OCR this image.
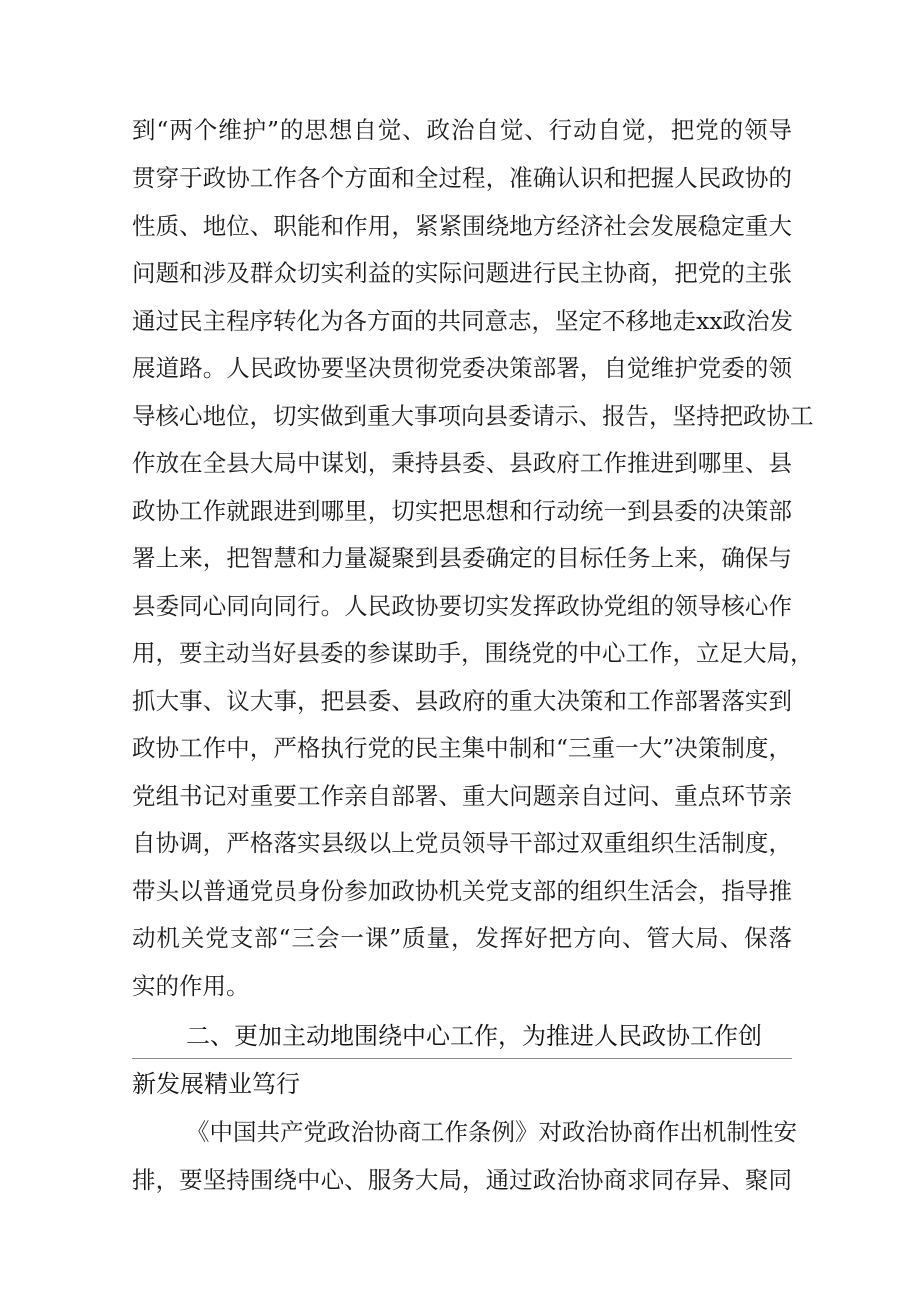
到“两个维护”的思想自觉、政治自觉、行动自觉，把党的领导
贯穿于政协工作各个方面和全过程，准确认识和把握人民政协的
性质、地位、职能和作用，紧紧围绕地方经济社会发展稳定重大
问题和涉及群众切实利益的实际问题进行民主协商，把党的主张
通过民主程序转化为各方面的共同意志，坚定不移地走xx政治发
展道路。人民政协要坚决贯彻党委决策部署，自觉维护党委的领
导核心地位，切实做到重大事项向县委请示、报告，坚持把政协工
作放在全县大局中谋划，秉持县委、县政府工作推进到哪里、县
政协工作就跟进到哪里，切实把思想和行动统一到县委的决策部
署上来，把智慧和力量凝聚到县委确定的目标任务上来，确保与
县委同心同向同行。人民政协要切实发挥政协党组的领导核心作
用，要主动当好县委的参谋助手，围绕党的中心工作，立足大局，
抓大事、议大事，把县委、县政府的重大决策和工作部署落实到
政协工作中，严格执行党的民主集中制和“三重一大”决策制度，
党组书记对重要工作亲自部署、重大问题亲自过问、重点环节亲
自协调，严格落实县级以上党员领导干部过双重组织生活制度，
带头以普通党员身份参加政协机关党支部的组织生活会，指导推
动机关党支部“三会一课”质量，发挥好把方向、管大局、保落
实的作用。
二、更加主动地围绕中心工作，为推进人民政协工作创
新发展精业笃行
《中国共产党政治协商工作条例》对政治协商作出机制性安
排，要坚持围绕中心、服务大局，通过政治协商求同存异、聚同
